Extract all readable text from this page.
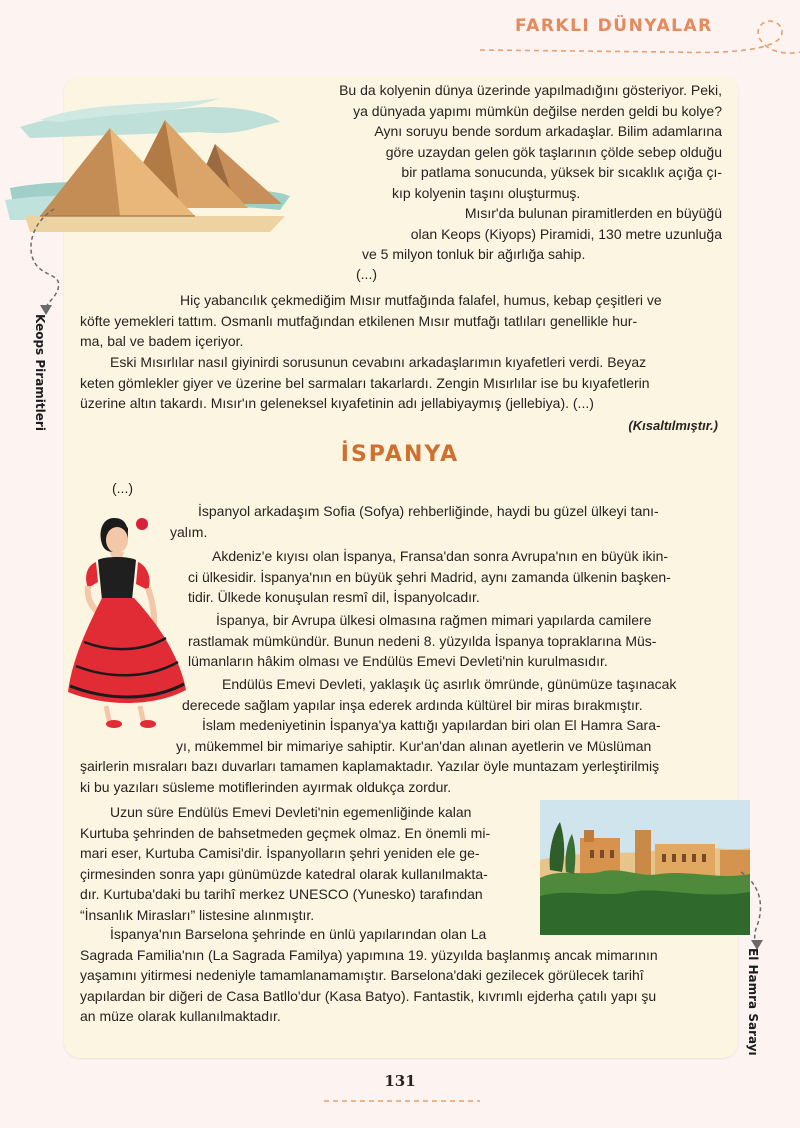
FARKLI DÜNYALAR
Keops Piramitleri

Bu da kolyenin dünya üzerinde yapılmadığını gösteriyor. Peki,

ya dünyada yapımı mümkün değilse nerden geldi bu kolye?

Aynı soruyu bende sordum arkadaşlar. Bilim adamlarına

göre uzaydan gelen gök taşlarının çölde sebep olduğu

bir patlama sonucunda, yüksek bir sıcaklık açığa çı-

kıp kolyenin taşını oluşturmuş.

Mısır'da bulunan piramitlerden en büyüğü

olan Keops (Kiyops) Piramidi, 130 metre uzunluğa

ve 5 milyon tonluk bir ağırlığa sahip.

(...)

Hiç yabancılık çekmediğim Mısır mutfağında falafel, humus, kebap çeşitleri ve

köfte yemekleri tattım. Osmanlı mutfağından etkilenen Mısır mutfağı tatlıları genellikle hur-

ma, bal ve badem içeriyor.

Eski Mısırlılar nasıl giyinirdi sorusunun cevabını arkadaşlarımın kıyafetleri verdi. Beyaz

keten gömlekler giyer ve üzerine bel sarmaları takarlardı. Zengin Mısırlılar ise bu kıyafetlerin

üzerine altın takardı. Mısır'ın geleneksel kıyafetinin adı jellabiyaymış (jellebiya). (...)

(Kısaltılmıştır.)
İSPANYA
(...)

İspanyol arkadaşım Sofia (Sofya) rehberliğinde, haydi bu güzel ülkeyi tanı-

yalım.

Akdeniz'e kıyısı olan İspanya, Fransa'dan sonra Avrupa'nın en büyük ikin-

ci ülkesidir. İspanya'nın en büyük şehri Madrid, aynı zamanda ülkenin başken-

tidir. Ülkede konuşulan resmî dil, İspanyolcadır.

İspanya, bir Avrupa ülkesi olmasına rağmen mimari yapılarda camilere

rastlamak mümkündür. Bunun nedeni 8. yüzyılda İspanya topraklarına Müs-

lümanların hâkim olması ve Endülüs Emevi Devleti'nin kurulmasıdır.

Endülüs Emevi Devleti, yaklaşık üç asırlık ömründe, günümüze taşınacak

derecede sağlam yapılar inşa ederek ardında kültürel bir miras bırakmıştır.

İslam medeniyetinin İspanya'ya kattığı yapılardan biri olan El Hamra Sara-

yı, mükemmel bir mimariye sahiptir. Kur'an'dan alınan ayetlerin ve Müslüman

şairlerin mısraları bazı duvarları tamamen kaplamaktadır. Yazılar öyle muntazam yerleştirilmiş

ki bu yazıları süsleme motiflerinden ayırmak oldukça zordur.

El Hamra Sarayı

Uzun süre Endülüs Emevi Devleti'nin egemenliğinde kalan

Kurtuba şehrinden de bahsetmeden geçmek olmaz. En önemli mi-

mari eser, Kurtuba Camisi'dir. İspanyolların şehri yeniden ele ge-

çirmesinden sonra yapı günümüzde katedral olarak kullanılmakta-

dır. Kurtuba'daki bu tarihî merkez UNESCO (Yunesko) tarafından

“İnsanlık Mirasları” listesine alınmıştır.

İspanya'nın Barselona şehrinde en ünlü yapılarından olan La

Sagrada Familia'nın (La Sagrada Familya) yapımına 19. yüzyılda başlanmış ancak mimarının

yaşamını yitirmesi nedeniyle tamamlanamamıştır. Barselona'daki gezilecek görülecek tarihî

yapılardan bir diğeri de Casa Batllo'dur (Kasa Batyo). Fantastik, kıvrımlı ejderha çatılı yapı şu

an müze olarak kullanılmaktadır.

131
